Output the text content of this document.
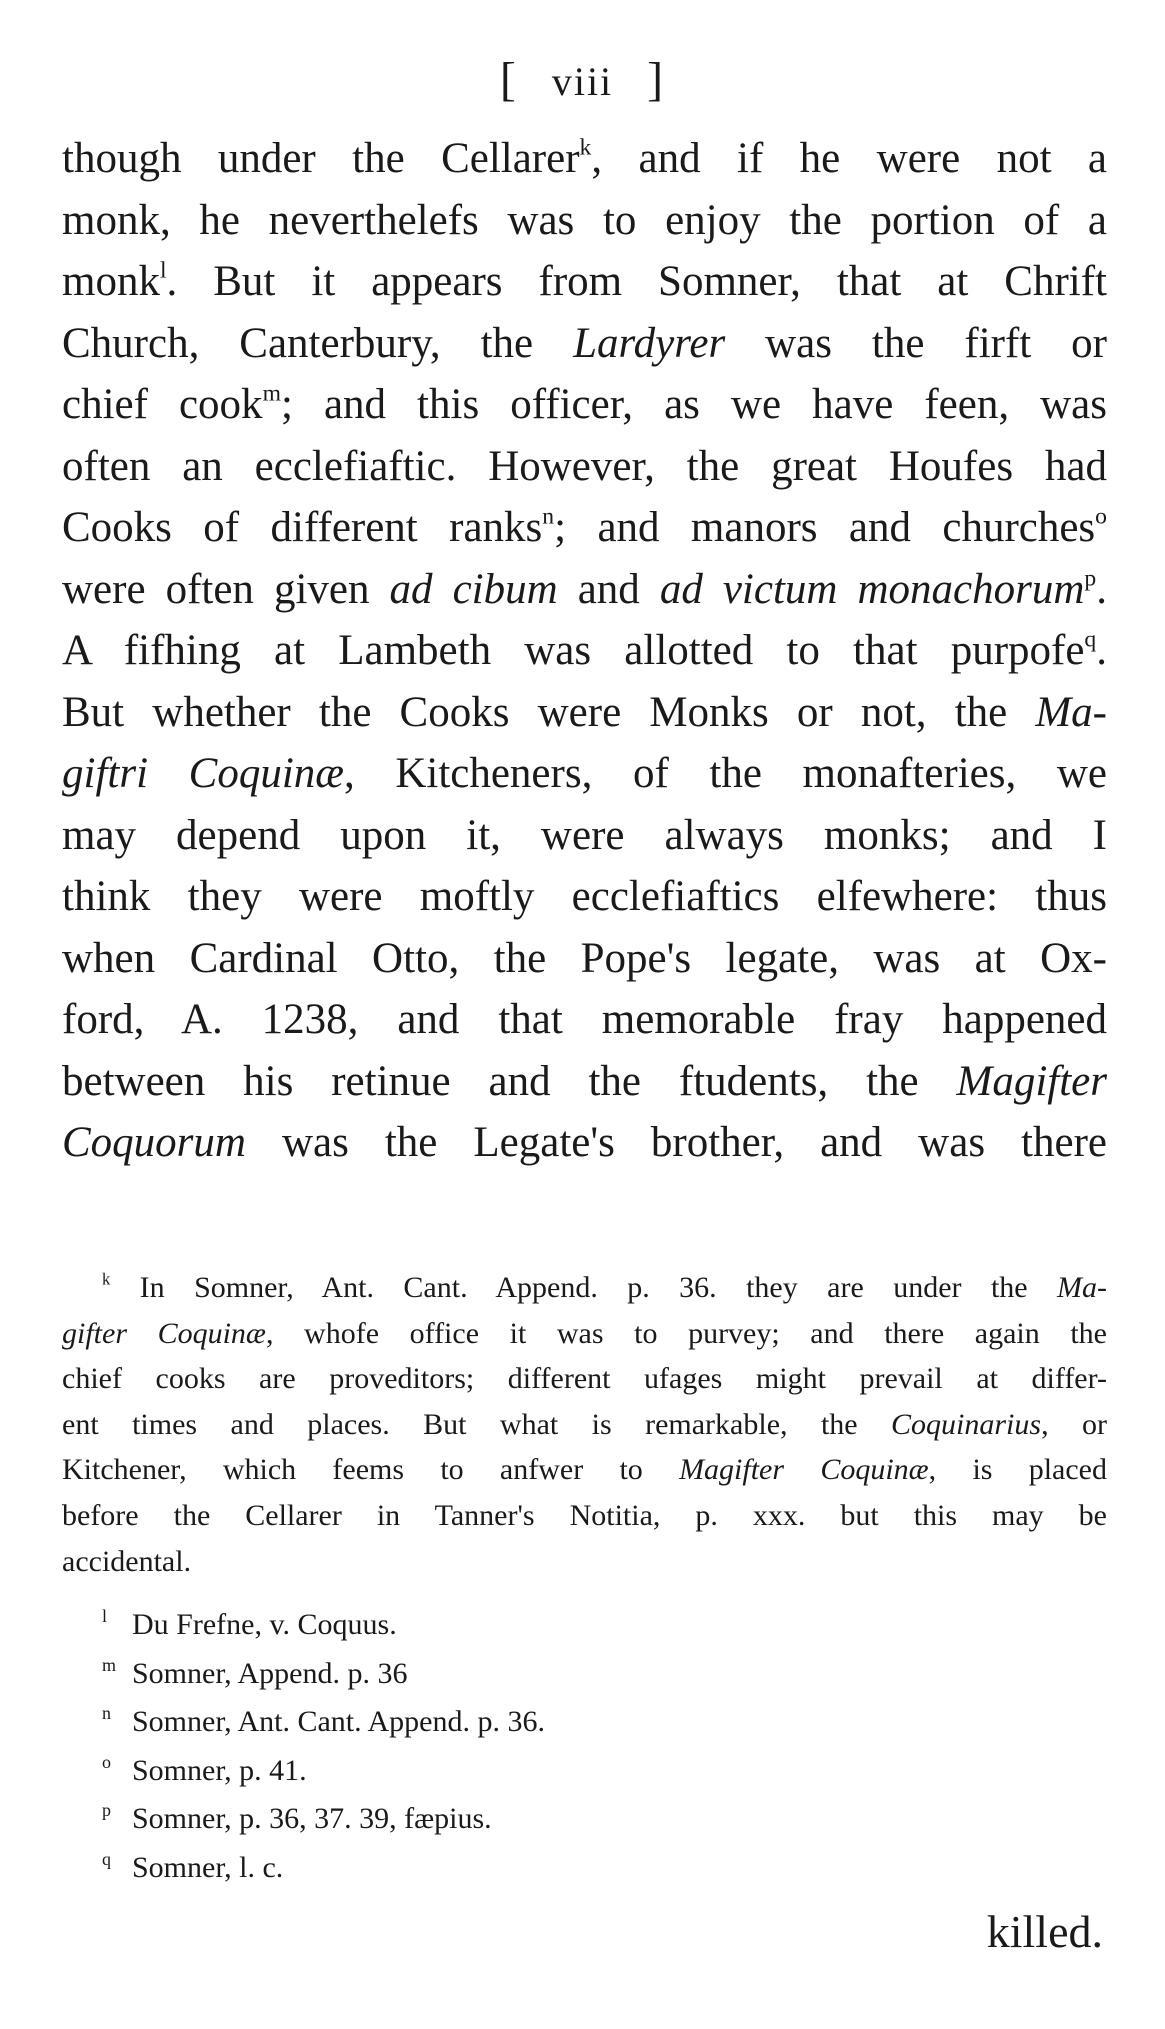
[ viii ]
though under the Cellarer$^k$, and if he were not a
monk, he neverthelefs was to enjoy the portion of a
monk$^l$. But it appears from Somner, that at Chrift
Church, Canterbury, the Lardyrer was the firft or
chief cook$^m$; and this officer, as we have feen, was
often an ecclefiaftic. However, the great Houfes had
Cooks of different ranks$^n$; and manors and churches$^o$
were often given ad cibum and ad victum monachorum$^p$.
A fifhing at Lambeth was allotted to that purpofe$^q$.
But whether the Cooks were Monks or not, the Ma-
giftri Coquinæ, Kitcheners, of the monafteries, we
may depend upon it, were always monks; and I
think they were moftly ecclefiaftics elfewhere: thus
when Cardinal Otto, the Pope's legate, was at Ox-
ford, A. 1238, and that memorable fray happened
between his retinue and the ftudents, the Magifter
Coquorum was the Legate's brother, and was there
$^k$ In Somner, Ant. Cant. Append. p. 36. they are under the Ma-
gifter Coquinæ, whofe office it was to purvey; and there again the
chief cooks are proveditors; different ufages might prevail at differ-
ent times and places. But what is remarkable, the Coquinarius, or
Kitchener, which feems to anfwer to Magifter Coquinæ, is placed
before the Cellarer in Tanner's Notitia, p. xxx. but this may be
accidental.
l Du Frefne, v. Coquus.
m Somner, Append. p. 36
n Somner, Ant. Cant. Append. p. 36.
o Somner, p. 41.
p Somner, p. 36, 37. 39, fæpius.
q Somner, l. c.
killed.
